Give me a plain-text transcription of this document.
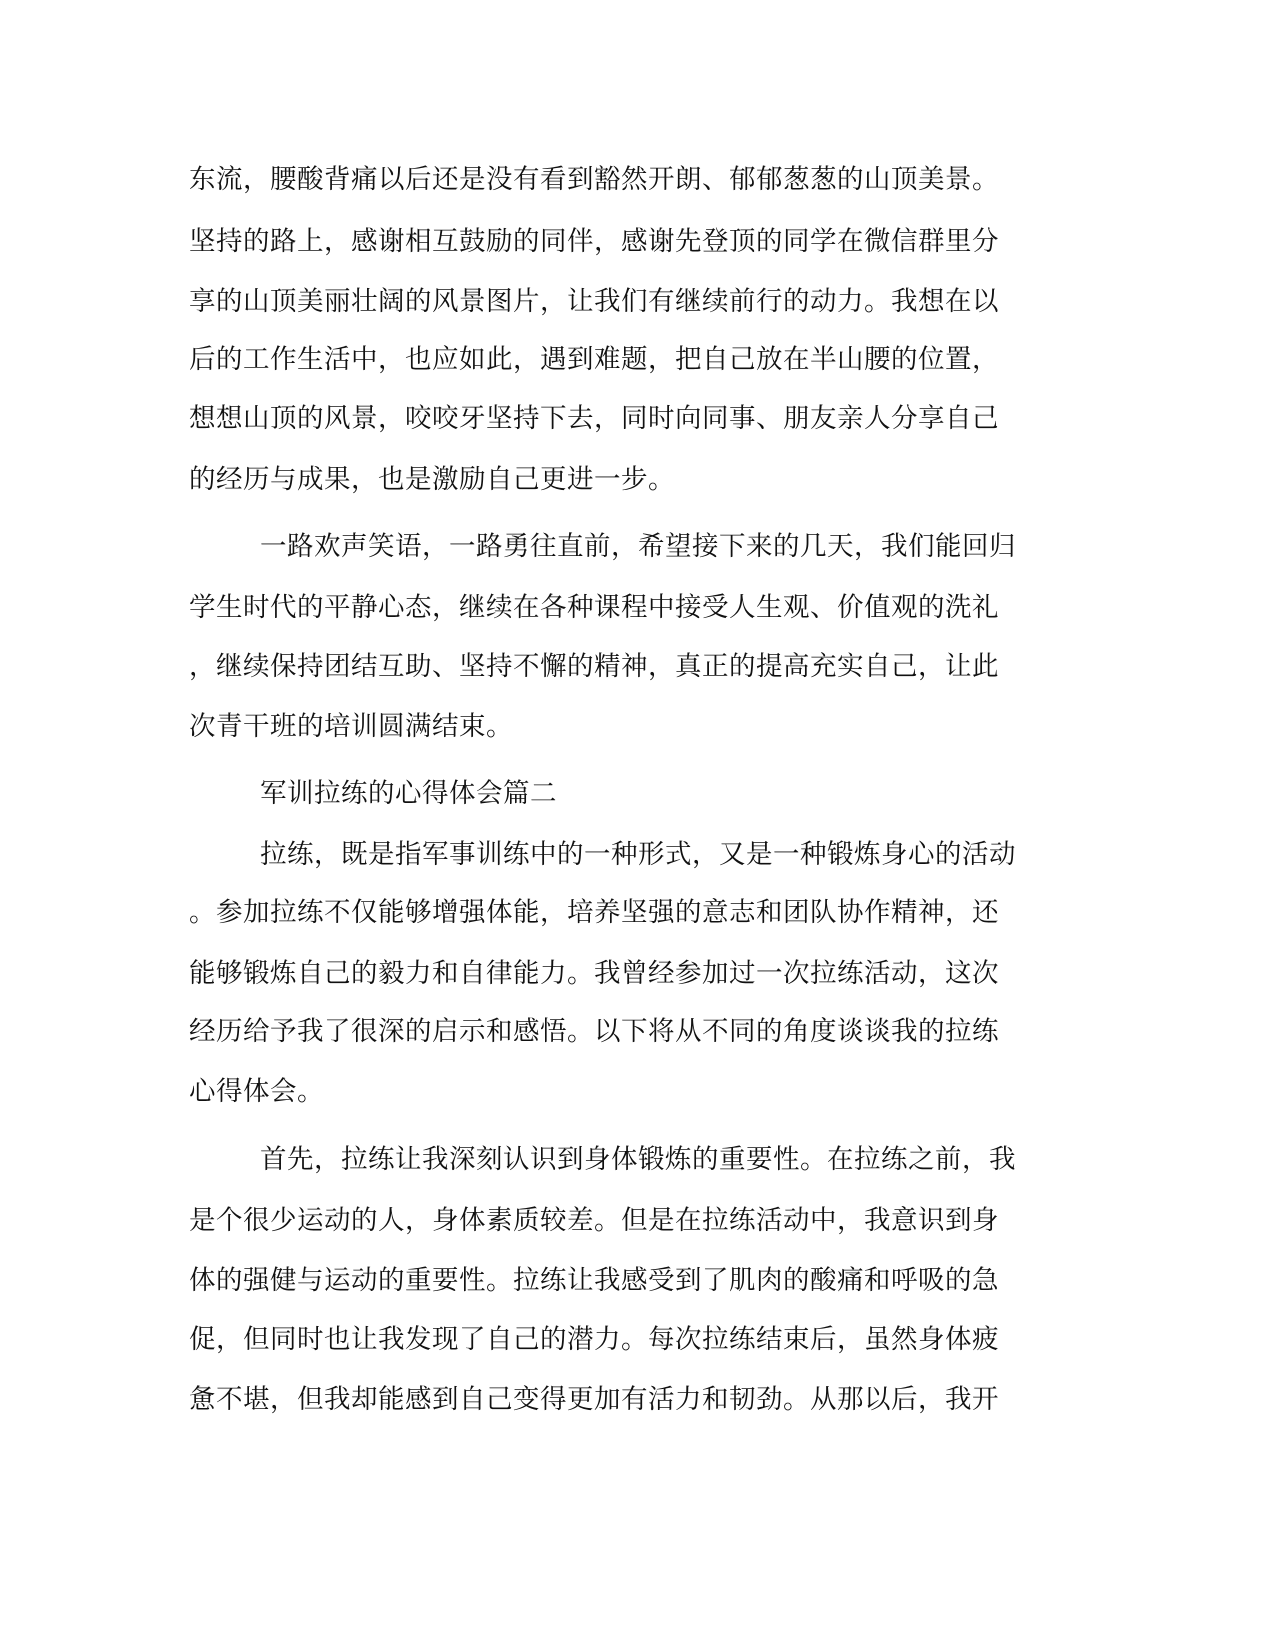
东流，腰酸背痛以后还是没有看到豁然开朗、郁郁葱葱的山顶美景。
坚持的路上，感谢相互鼓励的同伴，感谢先登顶的同学在微信群里分
享的山顶美丽壮阔的风景图片，让我们有继续前行的动力。我想在以
后的工作生活中，也应如此，遇到难题，把自己放在半山腰的位置，
想想山顶的风景，咬咬牙坚持下去，同时向同事、朋友亲人分享自己
的经历与成果，也是激励自己更进一步。
一路欢声笑语，一路勇往直前，希望接下来的几天，我们能回归
学生时代的平静心态，继续在各种课程中接受人生观、价值观的洗礼
，继续保持团结互助、坚持不懈的精神，真正的提高充实自己，让此
次青干班的培训圆满结束。
军训拉练的心得体会篇二
拉练，既是指军事训练中的一种形式，又是一种锻炼身心的活动
。参加拉练不仅能够增强体能，培养坚强的意志和团队协作精神，还
能够锻炼自己的毅力和自律能力。我曾经参加过一次拉练活动，这次
经历给予我了很深的启示和感悟。以下将从不同的角度谈谈我的拉练
心得体会。
首先，拉练让我深刻认识到身体锻炼的重要性。在拉练之前，我
是个很少运动的人，身体素质较差。但是在拉练活动中，我意识到身
体的强健与运动的重要性。拉练让我感受到了肌肉的酸痛和呼吸的急
促，但同时也让我发现了自己的潜力。每次拉练结束后，虽然身体疲
惫不堪，但我却能感到自己变得更加有活力和韧劲。从那以后，我开
